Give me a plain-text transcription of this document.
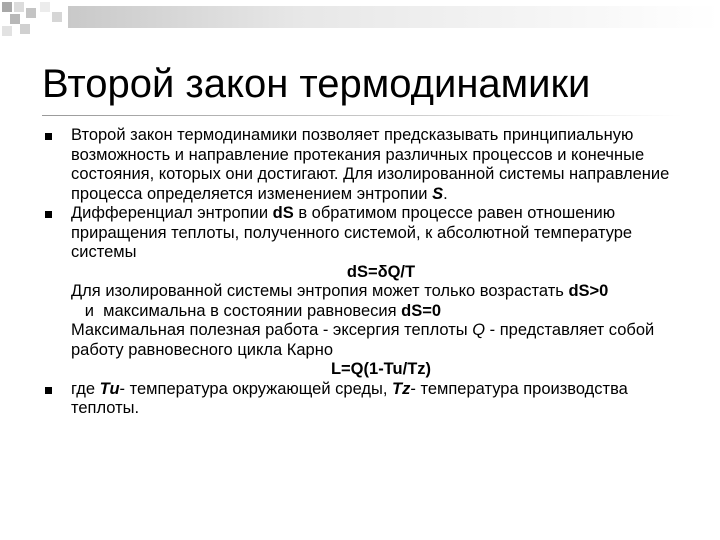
Второй закон термодинамики
Второй закон термодинамики позволяет предсказывать принципиальную возможность и направление протекания различных процессов и конечные состояния, которых они достигают. Для изолированной системы направление процесса определяется изменением энтропии S.
Дифференциал энтропии dS в обратимом процессе равен отношению приращения теплоты, полученного системой, к абсолютной температуре системы
dS=δQ/T
Для изолированной системы энтропия может только возрастать dS>0   и  максимальна в состоянии равновесия dS=0
Максимальная полезная работа - эксергия теплоты Q - представляет собой работу равновесного цикла Карно
L=Q(1-Tu/Tz)
где Tu- температура окружающей среды, Tz- температура производства теплоты.
